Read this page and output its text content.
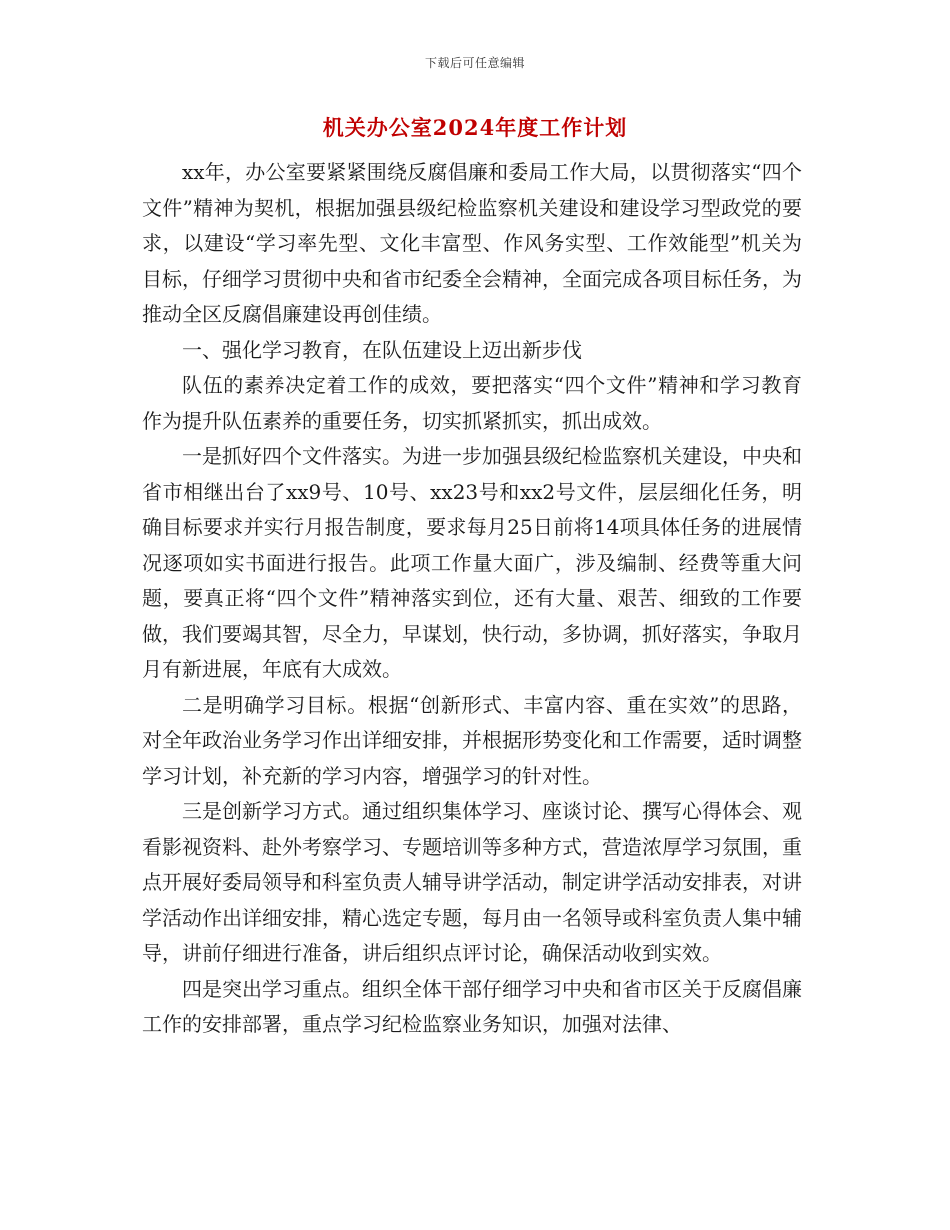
下载后可任意编辑
机关办公室2024年度工作计划

xx年，办公室要紧紧围绕反腐倡廉和委局工作大局，以贯彻落实“四个文件”精神为契机，根据加强县级纪检监察机关建设和建设学习型政党的要求，以建设“学习率先型、文化丰富型、作风务实型、工作效能型”机关为目标，仔细学习贯彻中央和省市纪委全会精神，全面完成各项目标任务，为推动全区反腐倡廉建设再创佳绩。

一、强化学习教育，在队伍建设上迈出新步伐

队伍的素养决定着工作的成效，要把落实“四个文件”精神和学习教育作为提升队伍素养的重要任务，切实抓紧抓实，抓出成效。

一是抓好四个文件落实。为进一步加强县级纪检监察机关建设，中央和省市相继出台了xx9号、10号、xx23号和xx2号文件，层层细化任务，明确目标要求并实行月报告制度，要求每月25日前将14项具体任务的进展情况逐项如实书面进行报告。此项工作量大面广，涉及编制、经费等重大问题，要真正将“四个文件”精神落实到位，还有大量、艰苦、细致的工作要做，我们要竭其智，尽全力，早谋划，快行动，多协调，抓好落实，争取月月有新进展，年底有大成效。

二是明确学习目标。根据“创新形式、丰富内容、重在实效”的思路，对全年政治业务学习作出详细安排，并根据形势变化和工作需要，适时调整学习计划，补充新的学习内容，增强学习的针对性。

三是创新学习方式。通过组织集体学习、座谈讨论、撰写心得体会、观看影视资料、赴外考察学习、专题培训等多种方式，营造浓厚学习氛围，重点开展好委局领导和科室负责人辅导讲学活动，制定讲学活动安排表，对讲学活动作出详细安排，精心选定专题，每月由一名领导或科室负责人集中辅导，讲前仔细进行准备，讲后组织点评讨论，确保活动收到实效。

四是突出学习重点。组织全体干部仔细学习中央和省市区关于反腐倡廉工作的安排部署，重点学习纪检监察业务知识，加强对法律、
